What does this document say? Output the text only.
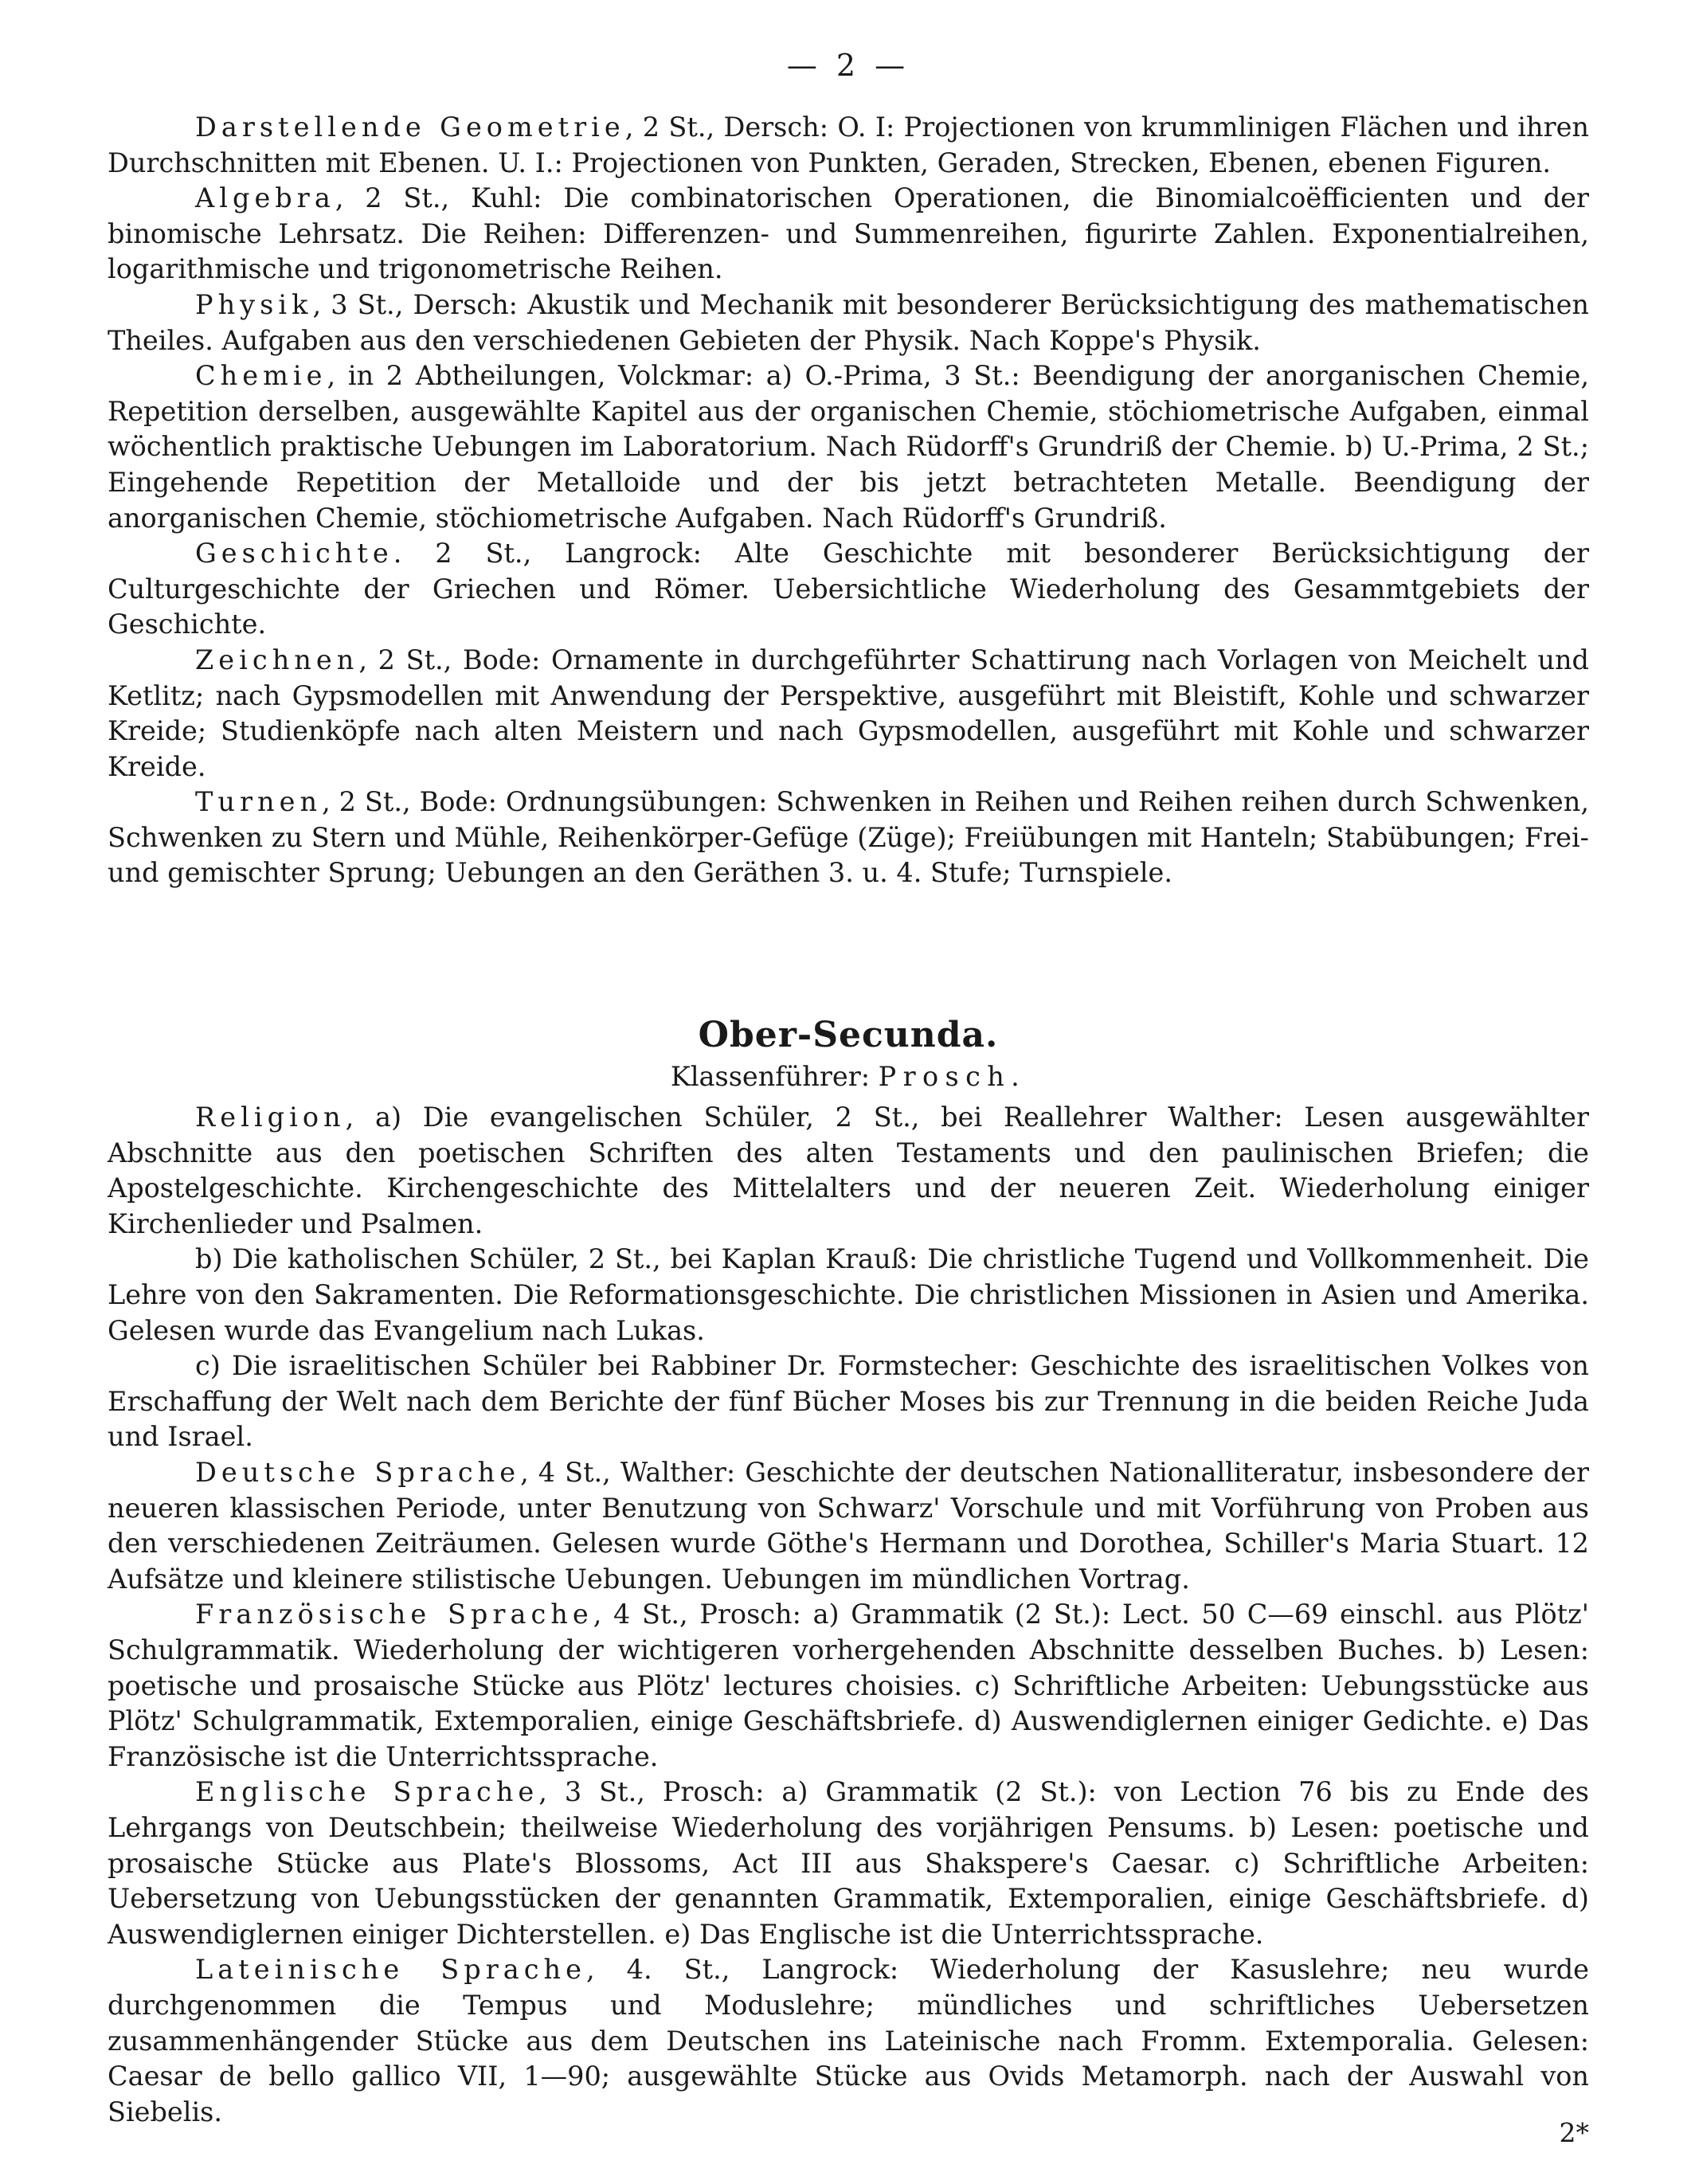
— 2 —

Darstellende Geometrie, 2 St., Dersch: O. I: Projectionen von krummlinigen Flächen und ihren Durchschnitten mit Ebenen. U. I.: Projectionen von Punkten, Geraden, Strecken, Ebenen, ebenen Figuren.

Algebra, 2 St., Kuhl: Die combinatorischen Operationen, die Binomialcoëfficienten und der binomische Lehrsatz. Die Reihen: Differenzen- und Summenreihen, figurirte Zahlen. Exponentialreihen, logarithmische und trigonometrische Reihen.

Physik, 3 St., Dersch: Akustik und Mechanik mit besonderer Berücksichtigung des mathematischen Theiles. Aufgaben aus den verschiedenen Gebieten der Physik. Nach Koppe's Physik.

Chemie, in 2 Abtheilungen, Volckmar: a) O.-Prima, 3 St.: Beendigung der anorganischen Chemie, Repetition derselben, ausgewählte Kapitel aus der organischen Chemie, stöchiometrische Aufgaben, einmal wöchentlich praktische Uebungen im Laboratorium. Nach Rüdorff's Grundriß der Chemie. b) U.-Prima, 2 St.; Eingehende Repetition der Metalloide und der bis jetzt betrachteten Metalle. Beendigung der anorganischen Chemie, stöchiometrische Aufgaben. Nach Rüdorff's Grundriß.

Geschichte. 2 St., Langrock: Alte Geschichte mit besonderer Berücksichtigung der Culturgeschichte der Griechen und Römer. Uebersichtliche Wiederholung des Gesammtgebiets der Geschichte.

Zeichnen, 2 St., Bode: Ornamente in durchgeführter Schattirung nach Vorlagen von Meichelt und Ketlitz; nach Gypsmodellen mit Anwendung der Perspektive, ausgeführt mit Bleistift, Kohle und schwarzer Kreide; Studienköpfe nach alten Meistern und nach Gypsmodellen, ausgeführt mit Kohle und schwarzer Kreide.

Turnen, 2 St., Bode: Ordnungsübungen: Schwenken in Reihen und Reihen reihen durch Schwenken, Schwenken zu Stern und Mühle, Reihenkörper-Gefüge (Züge); Freiübungen mit Hanteln; Stabübungen; Frei- und gemischter Sprung; Uebungen an den Geräthen 3. u. 4. Stufe; Turnspiele.

Ober-Secunda.
Klassenführer: Prosch.

Religion, a) Die evangelischen Schüler, 2 St., bei Reallehrer Walther: Lesen ausgewählter Abschnitte aus den poetischen Schriften des alten Testaments und den paulinischen Briefen; die Apostelgeschichte. Kirchengeschichte des Mittelalters und der neueren Zeit. Wiederholung einiger Kirchenlieder und Psalmen.

b) Die katholischen Schüler, 2 St., bei Kaplan Krauß: Die christliche Tugend und Vollkommenheit. Die Lehre von den Sakramenten. Die Reformationsgeschichte. Die christlichen Missionen in Asien und Amerika. Gelesen wurde das Evangelium nach Lukas.

c) Die israelitischen Schüler bei Rabbiner Dr. Formstecher: Geschichte des israelitischen Volkes von Erschaffung der Welt nach dem Berichte der fünf Bücher Moses bis zur Trennung in die beiden Reiche Juda und Israel.

Deutsche Sprache, 4 St., Walther: Geschichte der deutschen Nationalliteratur, insbesondere der neueren klassischen Periode, unter Benutzung von Schwarz' Vorschule und mit Vorführung von Proben aus den verschiedenen Zeiträumen. Gelesen wurde Göthe's Hermann und Dorothea, Schiller's Maria Stuart. 12 Aufsätze und kleinere stilistische Uebungen. Uebungen im mündlichen Vortrag.

Französische Sprache, 4 St., Prosch: a) Grammatik (2 St.): Lect. 50 C—69 einschl. aus Plötz' Schulgrammatik. Wiederholung der wichtigeren vorhergehenden Abschnitte desselben Buches. b) Lesen: poetische und prosaische Stücke aus Plötz' lectures choisies. c) Schriftliche Arbeiten: Uebungsstücke aus Plötz' Schulgrammatik, Extemporalien, einige Geschäftsbriefe. d) Auswendiglernen einiger Gedichte. e) Das Französische ist die Unterrichtssprache.

Englische Sprache, 3 St., Prosch: a) Grammatik (2 St.): von Lection 76 bis zu Ende des Lehrgangs von Deutschbein; theilweise Wiederholung des vorjährigen Pensums. b) Lesen: poetische und prosaische Stücke aus Plate's Blossoms, Act III aus Shakspere's Caesar. c) Schriftliche Arbeiten: Uebersetzung von Uebungsstücken der genannten Grammatik, Extemporalien, einige Geschäftsbriefe. d) Auswendiglernen einiger Dichterstellen. e) Das Englische ist die Unterrichtssprache.

Lateinische Sprache, 4. St., Langrock: Wiederholung der Kasuslehre; neu wurde durchgenommen die Tempus und Moduslehre; mündliches und schriftliches Uebersetzen zusammenhängender Stücke aus dem Deutschen ins Lateinische nach Fromm. Extemporalia. Gelesen: Caesar de bello gallico VII, 1—90; ausgewählte Stücke aus Ovids Metamorph. nach der Auswahl von Siebelis.

2*
